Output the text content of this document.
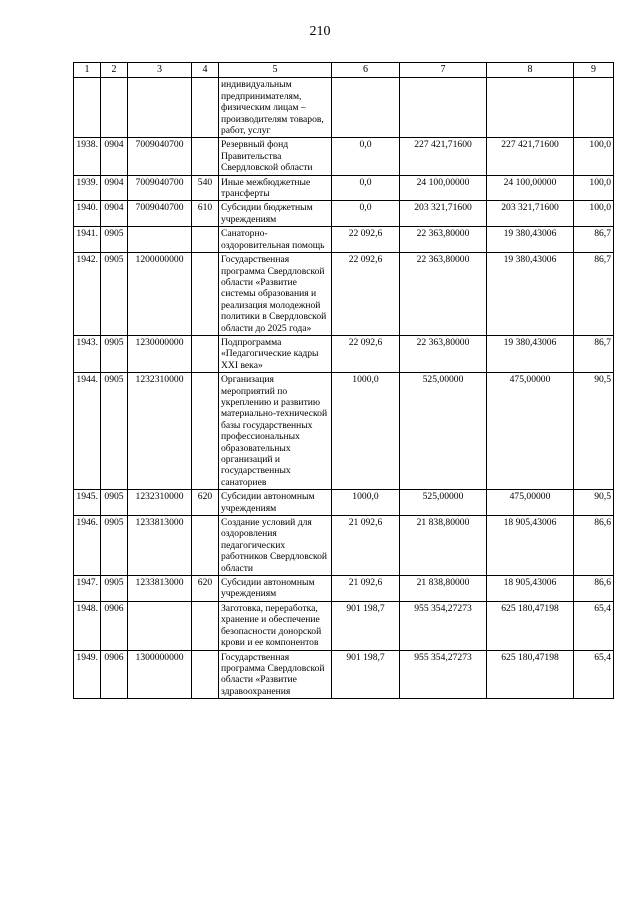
210
1	2	3	4	5	6	7	8	9
				индивидуальным предпринимателям, физическим лицам – производителям товаров, работ, услуг				
1938.	0904	7009040700		Резервный фонд Правительства Свердловской области	0,0	227 421,71600	227 421,71600	100,0
1939.	0904	7009040700	540	Иные межбюджетные трансферты	0,0	24 100,00000	24 100,00000	100,0
1940.	0904	7009040700	610	Субсидии бюджетным учреждениям	0,0	203 321,71600	203 321,71600	100,0
1941.	0905			Санаторно-оздоровительная помощь	22 092,6	22 363,80000	19 380,43006	86,7
1942.	0905	1200000000		Государственная программа Свердловской области «Развитие системы образования и реализация молодежной политики в Свердловской области до 2025 года»	22 092,6	22 363,80000	19 380,43006	86,7
1943.	0905	1230000000		Подпрограмма «Педагогические кадры XXI века»	22 092,6	22 363,80000	19 380,43006	86,7
1944.	0905	1232310000		Организация мероприятий по укреплению и развитию материально-технической базы государственных профессиональных образовательных организаций и государственных санаториев	1000,0	525,00000	475,00000	90,5
1945.	0905	1232310000	620	Субсидии автономным учреждениям	1000,0	525,00000	475,00000	90,5
1946.	0905	1233813000		Создание условий для оздоровления педагогических работников Свердловской области	21 092,6	21 838,80000	18 905,43006	86,6
1947.	0905	1233813000	620	Субсидии автономным учреждениям	21 092,6	21 838,80000	18 905,43006	86,6
1948.	0906			Заготовка, переработка, хранение и обеспечение безопасности донорской крови и ее компонентов	901 198,7	955 354,27273	625 180,47198	65,4
1949.	0906	1300000000		Государственная программа Свердловской области «Развитие здравоохранения	901 198,7	955 354,27273	625 180,47198	65,4
